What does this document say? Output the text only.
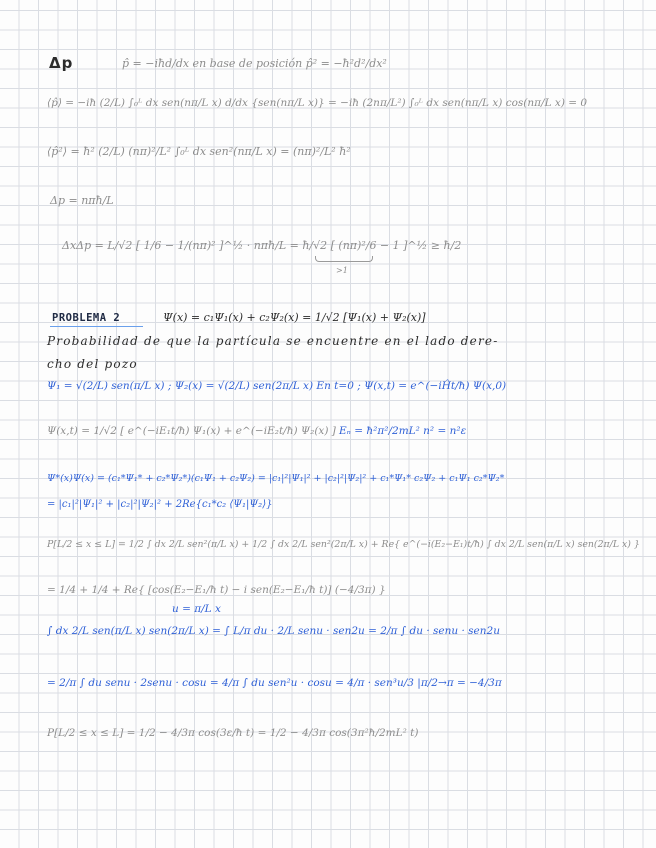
Δp	p̂ = −iħd/dx en base de posición p̂² = −ħ²d²/dx²
⟨p̂⟩ = −iħ (2/L) ∫₀ᴸ dx sen(nπ/L x) d/dx {sen(nπ/L x)} = −iħ (2nπ/L²) ∫₀ᴸ dx sen(nπ/L x) cos(nπ/L x) = 0
⟨p̂²⟩ = ħ² (2/L) (nπ)²/L² ∫₀ᴸ dx sen²(nπ/L x) = (nπ)²/L² ħ²
Δp = nπħ/L
ΔxΔp = L/√2 [ 1/6 − 1/(nπ)² ]^½ · nπħ/L = ħ/√2 [ (nπ)²/6 − 1 ]^½ ≥ ħ/2
>1
PROBLEMA 2	Ψ(x) = c₁Ψ₁(x) + c₂Ψ₂(x) = 1/√2 [Ψ₁(x) + Ψ₂(x)]
Probabilidad de que la partícula se encuentre en el lado dere-
cho del pozo
Ψ₁ = √(2/L) sen(π/L x) ; Ψ₂(x) = √(2/L) sen(2π/L x) En t=0 ; Ψ(x,t) = e^(−iĤt/ħ) Ψ(x,0)
Ψ(x,t) = 1/√2 [ e^(−iE₁t/ħ) Ψ₁(x) + e^(−iE₂t/ħ) Ψ₂(x) ] Eₙ = ħ²π²/2mL² n² = n²ε
Ψ*(x)Ψ(x) = (c₁*Ψ₁* + c₂*Ψ₂*)(c₁Ψ₁ + c₂Ψ₂) = |c₁|²|Ψ₁|² + |c₂|²|Ψ₂|² + c₁*Ψ₁* c₂Ψ₂ + c₁Ψ₁ c₂*Ψ₂*
= |c₁|²|Ψ₁|² + |c₂|²|Ψ₂|² + 2Re{c₁*c₂ ⟨Ψ₁|Ψ₂⟩}
P[L/2 ≤ x ≤ L] = 1/2 ∫ dx 2/L sen²(π/L x) + 1/2 ∫ dx 2/L sen²(2π/L x) + Re{ e^(−i(E₂−E₁)t/ħ) ∫ dx 2/L sen(π/L x) sen(2π/L x) }
= 1/4 + 1/4 + Re{ [cos(E₂−E₁/ħ t) − i sen(E₂−E₁/ħ t)] (−4/3π) }
u = π/L x
∫ dx 2/L sen(π/L x) sen(2π/L x) = ∫ L/π du · 2/L senu · sen2u = 2/π ∫ du · senu · sen2u
= 2/π ∫ du senu · 2senu · cosu = 4/π ∫ du sen²u · cosu = 4/π · sen³u/3 |π/2→π = −4/3π
P[L/2 ≤ x ≤ L] = 1/2 − 4/3π cos(3ε/ħ t) = 1/2 − 4/3π cos(3π²ħ/2mL² t)
